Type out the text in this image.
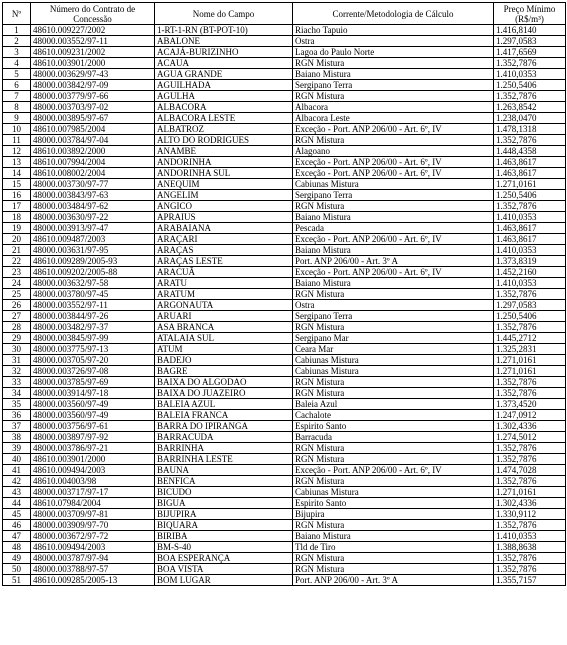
Nº	Número do Contrato de Concessão	Nome do Campo	Corrente/Metodologia de Cálculo	Preço Mínimo (R$/m³)
1	48610.009227/2002	1-RT-1-RN (BT-POT-10)	Riacho Tapuio	1.416,8140
2	48000.003552/97-11	ABALONE	Ostra	1.297,0583
3	48610.009231/2002	ACAJÁ-BURIZINHO	Lagoa do Paulo Norte	1.417,6569
4	48610.003901/2000	ACAUA	RGN Mistura	1.352,7876
5	48000.003629/97-43	AGUA GRANDE	Baiano Mistura	1.410,0353
6	48000.003842/97-09	AGUILHADA	Sergipano Terra	1.250,5406
7	48000.003779/97-66	AGULHA	RGN Mistura	1.352,7876
8	48000.003703/97-02	ALBACORA	Albacora	1.263,8542
9	48000.003895/97-67	ALBACORA LESTE	Albacora Leste	1.238,0470
10	48610.007985/2004	ALBATROZ	Exceção - Port. ANP 206/00 - Art. 6º, IV	1.478,1318
11	48000.003784/97-04	ALTO DO RODRIGUES	RGN Mistura	1.352,7876
12	48610.003892/2000	ANAMBE	Alagoano	1.448,4358
13	48610.007994/2004	ANDORINHA	Exceção - Port. ANP 206/00 - Art. 6º, IV	1.463,8617
14	48610.008002/2004	ANDORINHA SUL	Exceção - Port. ANP 206/00 - Art. 6º, IV	1.463,8617
15	48000.003730/97-77	ANEQUIM	Cabiunas Mistura	1.271,0161
16	48000.003843/97-63	ANGELIM	Sergipano Terra	1.250,5406
17	48000.003484/97-62	ANGICO	RGN Mistura	1.352,7876
18	48000.003630/97-22	APRAIUS	Baiano Mistura	1.410,0353
19	48000.003913/97-47	ARABAIANA	Pescada	1.463,8617
20	48610.009487/2003	ARAÇARI	Exceção - Port. ANP 206/00 - Art. 6º, IV	1.463,8617
21	48000.003631/97-95	ARAÇAS	Baiano Mistura	1.410,0353
22	48610.009289/2005-93	ARAÇAS LESTE	Port. ANP 206/00 - Art. 3º A	1.373,8319
23	48610.009202/2005-88	ARACUÃ	Exceção - Port. ANP 206/00 - Art. 6º, IV	1.452,2160
24	48000.003632/97-58	ARATU	Baiano Mistura	1.410,0353
25	48000.003780/97-45	ARATUM	RGN Mistura	1.352,7876
26	48000.003552/97-11	ARGONAUTA	Ostra	1.297,0583
27	48000.003844/97-26	ARUARI	Sergipano Terra	1.250,5406
28	48000.003482/97-37	ASA BRANCA	RGN Mistura	1.352,7876
29	48000.003845/97-99	ATALAIA SUL	Sergipano Mar	1.445,2712
30	48000.003775/97-13	ATUM	Ceara Mar	1.325,2831
31	48000.003705/97-20	BADEJO	Cabiunas Mistura	1.271,0161
32	48000.003726/97-08	BAGRE	Cabiunas Mistura	1.271,0161
33	48000.003785/97-69	BAIXA DO ALGODAO	RGN Mistura	1.352,7876
34	48000.003914/97-18	BAIXA DO JUAZEIRO	RGN Mistura	1.352,7876
35	48000.003560/97-49	BALEIA AZUL	Baleia Azul	1.373,4520
36	48000.003560/97-49	BALEIA FRANCA	Cachalote	1.247,0912
37	48000.003756/97-61	BARRA DO IPIRANGA	Espirito Santo	1.302,4336
38	48000.003897/97-92	BARRACUDA	Barracuda	1.274,5012
39	48000.003786/97-21	BARRINHA	RGN Mistura	1.352,7876
40	48610.003901/2000	BARRINHA LESTE	RGN Mistura	1.352,7876
41	48610.009494/2003	BAUNA	Exceção - Port. ANP 206/00 - Art. 6º, IV	1.474,7028
42	48610.004003/98	BENFICA	RGN Mistura	1.352,7876
43	48000.003717/97-17	BICUDO	Cabiunas Mistura	1.271,0161
44	48610.07984/2004	BIGUA	Espirito Santo	1.302,4336
45	48000.003709/97-81	BIJUPIRA	Bijupira	1.330,9112
46	48000.003909/97-70	BIQUARA	RGN Mistura	1.352,7876
47	48000.003672/97-72	BIRIBA	Baiano Mistura	1.410,0353
48	48610.009494/2003	BM-S-40	Tld de Tiro	1.388,8638
49	48000.003787/97-94	BOA ESPERANÇA	RGN Mistura	1.352,7876
50	48000.003788/97-57	BOA VISTA	RGN Mistura	1.352,7876
51	48610.009285/2005-13	BOM LUGAR	Port. ANP 206/00 - Art. 3º A	1.355,7157
